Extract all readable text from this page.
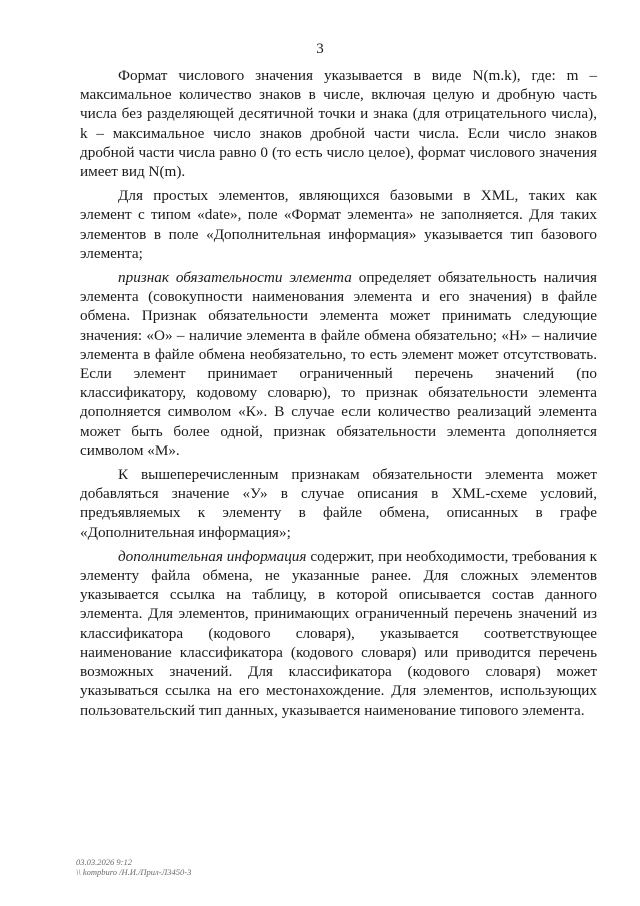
3

Формат числового значения указывается в виде N(m.k), где: m – максимальное количество знаков в числе, включая целую и дробную часть числа без разделяющей десятичной точки и знака (для отрицательного числа), k – максимальное число знаков дробной части числа. Если число знаков дробной части числа равно 0 (то есть число целое), формат числового значения имеет вид N(m).

Для простых элементов, являющихся базовыми в XML, таких как элемент с типом «date», поле «Формат элемента» не заполняется. Для таких элементов в поле «Дополнительная информация» указывается тип базового элемента;

признак обязательности элемента определяет обязательность наличия элемента (совокупности наименования элемента и его значения) в файле обмена. Признак обязательности элемента может принимать следующие значения: «О» – наличие элемента в файле обмена обязательно; «Н» – наличие элемента в файле обмена необязательно, то есть элемент может отсутствовать. Если элемент принимает ограниченный перечень значений (по классификатору, кодовому словарю), то признак обязательности элемента дополняется символом «К». В случае если количество реализаций элемента может быть более одной, признак обязательности элемента дополняется символом «М».

К вышеперечисленным признакам обязательности элемента может добавляться значение «У» в случае описания в XML-схеме условий, предъявляемых к элементу в файле обмена, описанных в графе «Дополнительная информация»;

дополнительная информация содержит, при необходимости, требования к элементу файла обмена, не указанные ранее. Для сложных элементов указывается ссылка на таблицу, в которой описывается состав данного элемента. Для элементов, принимающих ограниченный перечень значений из классификатора (кодового словаря), указывается соответствующее наименование классификатора (кодового словаря) или приводится перечень возможных значений. Для классификатора (кодового словаря) может указываться ссылка на его местонахождение. Для элементов, использующих пользовательский тип данных, указывается наименование типового элемента.

03.03.2026 9:12
\\ kompburo /Н.И./Прил-Л3450-3
